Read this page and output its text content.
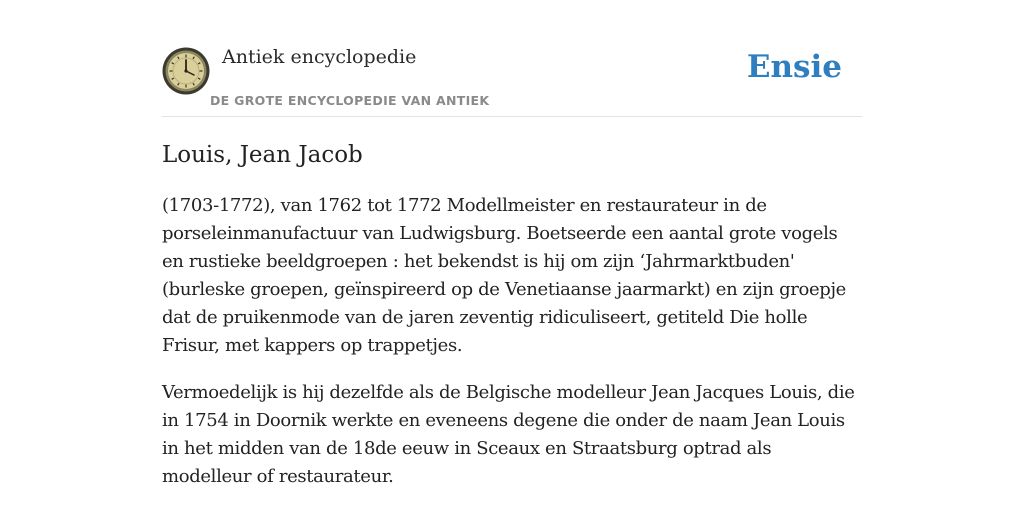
Antiek encyclopedie
DE GROTE ENCYCLOPEDIE VAN ANTIEK
Ensie
Louis, Jean Jacob

(1703-1772), van 1762 tot 1772 Modellmeister en restaurateur in de porseleinmanufactuur van Ludwigsburg. Boetseerde een aantal grote vogels en rustieke beeldgroepen : het bekendst is hij om zijn ‘Jahrmarktbuden' (burleske groepen, geïnspireerd op de Venetiaanse jaarmarkt) en zijn groepje dat de pruikenmode van de jaren zeventig ridiculiseert, getiteld Die holle Frisur, met kappers op trappetjes.

Vermoedelijk is hij dezelfde als de Belgische modelleur Jean Jacques Louis, die in 1754 in Doornik werkte en eveneens degene die onder de naam Jean Louis in het midden van de 18de eeuw in Sceaux en Straatsburg optrad als modelleur of restaurateur.
